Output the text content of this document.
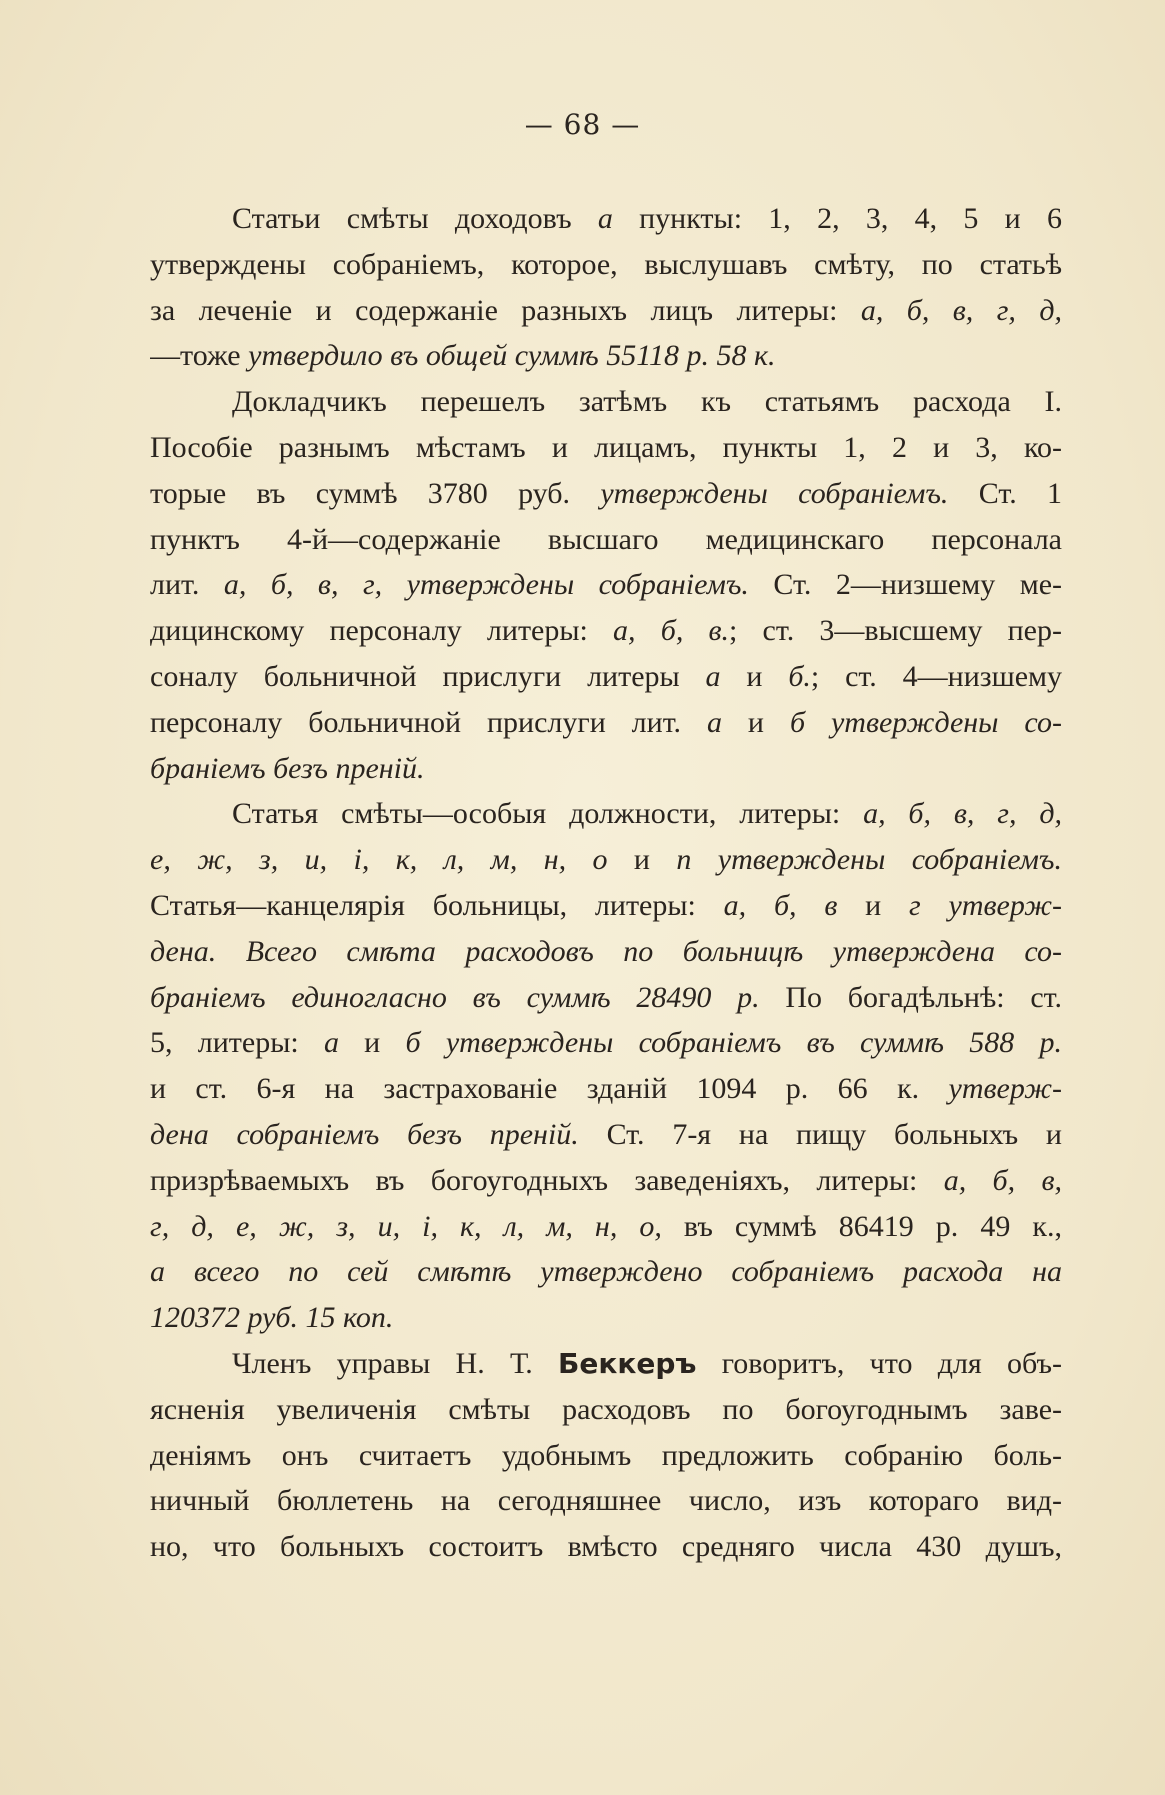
— 68 —
Статьи смѣты доходовъ а пункты: 1, 2, 3, 4, 5 и 6
утверждены собраніемъ, которое, выслушавъ смѣту, по статьѣ
за леченіе и содержаніе разныхъ лицъ литеры: а, б, в, г, д,
—тоже утвердило въ общей суммѣ 55118 р. 58 к.
Докладчикъ перешелъ затѣмъ къ статьямъ расхода I.
Пособіе разнымъ мѣстамъ и лицамъ, пункты 1, 2 и 3, ко-
торые въ суммѣ 3780 руб. утверждены собраніемъ. Ст. 1
пунктъ 4-й—содержаніе высшаго медицинскаго персонала
лит. а, б, в, г, утверждены собраніемъ. Ст. 2—низшему ме-
дицинскому персоналу литеры: а, б, в.; ст. 3—высшему пер-
соналу больничной прислуги литеры а и б.; ст. 4—низшему
персоналу больничной прислуги лит. а и б утверждены со-
браніемъ безъ преній.
Статья смѣты—особыя должности, литеры: а, б, в, г, д,
е, ж, з, и, і, к, л, м, н, о и п утверждены собраніемъ.
Статья—канцелярія больницы, литеры: а, б, в и г утверж-
дена. Всего смѣта расходовъ по больницѣ утверждена со-
браніемъ единогласно въ суммѣ 28490 р. По богадѣльнѣ: ст.
5, литеры: а и б утверждены собраніемъ въ суммѣ 588 р.
и ст. 6-я на застрахованіе зданій 1094 р. 66 к. утверж-
дена собраніемъ безъ преній. Ст. 7-я на пищу больныхъ и
призрѣваемыхъ въ богоугодныхъ заведеніяхъ, литеры: а, б, в,
г, д, е, ж, з, и, і, к, л, м, н, о, въ суммѣ 86419 р. 49 к.,
а всего по сей смѣтѣ утверждено собраніемъ расхода на
120372 руб. 15 коп.
Членъ управы Н. Т. Беккеръ говоритъ, что для объ-
ясненія увеличенія смѣты расходовъ по богоугоднымъ заве-
деніямъ онъ считаетъ удобнымъ предложить собранію боль-
ничный бюллетень на сегодняшнее число, изъ котораго вид-
но, что больныхъ состоитъ вмѣсто средняго числа 430 душъ,
